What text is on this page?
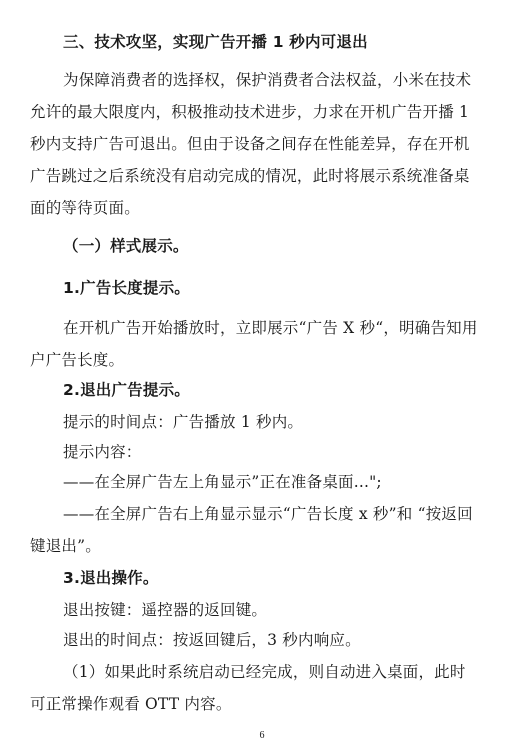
三、技术攻坚，实现广告开播 1 秒内可退出
为保障消费者的选择权，保护消费者合法权益，小米在技术
允许的最大限度内，积极推动技术进步，力求在开机广告开播 1
秒内支持广告可退出。但由于设备之间存在性能差异，存在开机
广告跳过之后系统没有启动完成的情况，此时将展示系统准备桌
面的等待页面。
（一）样式展示。
1.广告长度提示。
在开机广告开始播放时，立即展示“广告 X 秒“，明确告知用
户广告长度。
2.退出广告提示。
提示的时间点：广告播放 1 秒内。
提示内容：
——在全屏广告左上角显示”正在准备桌面...";
——在全屏广告右上角显示显示“广告长度 x 秒”和 “按返回
键退出”。
3.退出操作。
退出按键：遥控器的返回键。
退出的时间点：按返回键后，3 秒内响应。
（1）如果此时系统启动已经完成，则自动进入桌面，此时
可正常操作观看 OTT 内容。
6
